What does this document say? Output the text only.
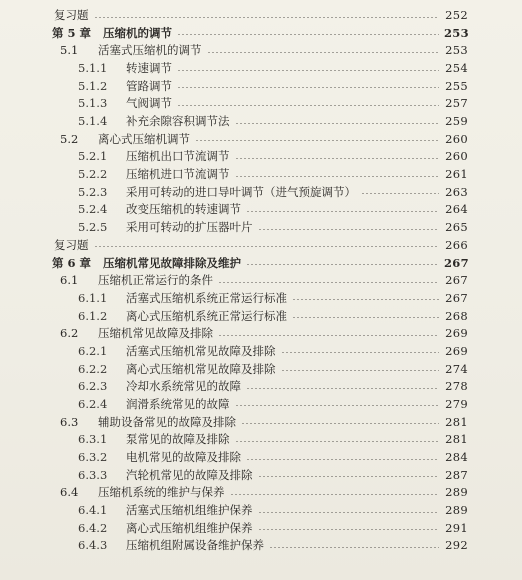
复习题	252
第 5 章 压缩机的调节	253
5.1	活塞式压缩机的调节	253
5.1.1	转速调节	254
5.1.2	管路调节	255
5.1.3	气阀调节	257
5.1.4	补充余隙容积调节法	259
5.2	离心式压缩机调节	260
5.2.1	压缩机出口节流调节	260
5.2.2	压缩机进口节流调节	261
5.2.3	采用可转动的进口导叶调节（进气预旋调节）	263
5.2.4	改变压缩机的转速调节	264
5.2.5	采用可转动的扩压器叶片	265
复习题	266
第 6 章 压缩机常见故障排除及维护	267
6.1	压缩机正常运行的条件	267
6.1.1	活塞式压缩机系统正常运行标准	267
6.1.2	离心式压缩机系统正常运行标准	268
6.2	压缩机常见故障及排除	269
6.2.1	活塞式压缩机常见故障及排除	269
6.2.2	离心式压缩机常见故障及排除	274
6.2.3	冷却水系统常见的故障	278
6.2.4	润滑系统常见的故障	279
6.3	辅助设备常见的故障及排除	281
6.3.1	泵常见的故障及排除	281
6.3.2	电机常见的故障及排除	284
6.3.3	汽轮机常见的故障及排除	287
6.4	压缩机系统的维护与保养	289
6.4.1	活塞式压缩机组维护保养	289
6.4.2	离心式压缩机组维护保养	291
6.4.3	压缩机组附属设备维护保养	292
